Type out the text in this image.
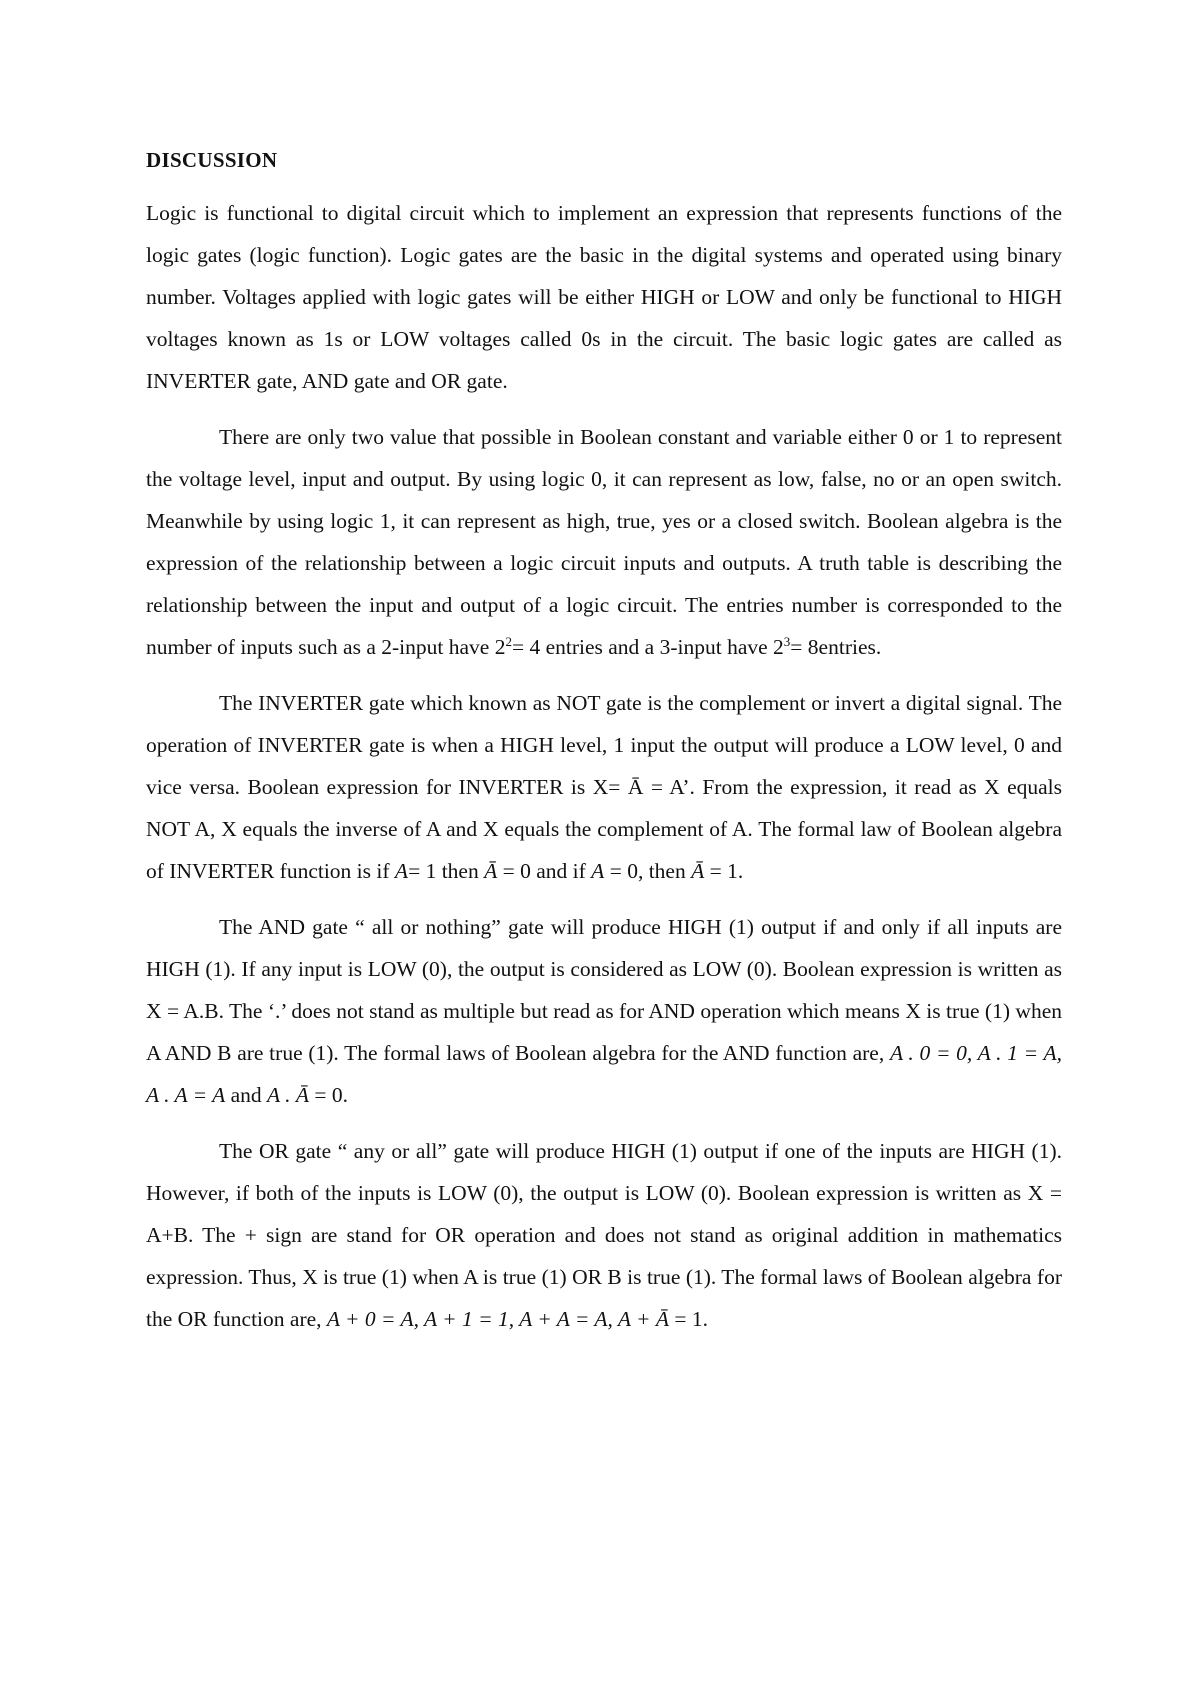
DISCUSSION

Logic is functional to digital circuit which to implement an expression that represents functions of the logic gates (logic function). Logic gates are the basic in the digital systems and operated using binary number. Voltages applied with logic gates will be either HIGH or LOW and only be functional to HIGH voltages known as 1s or LOW voltages called 0s in the circuit. The basic logic gates are called as INVERTER gate, AND gate and OR gate.

There are only two value that possible in Boolean constant and variable either 0 or 1 to represent the voltage level, input and output. By using logic 0, it can represent as low, false, no or an open switch. Meanwhile by using logic 1, it can represent as high, true, yes or a closed switch. Boolean algebra is the expression of the relationship between a logic circuit inputs and outputs. A truth table is describing the relationship between the input and output of a logic circuit. The entries number is corresponded to the number of inputs such as a 2-input have $2^2= 4$ entries and a 3-input have $2^3=$ 8entries.

The INVERTER gate which known as NOT gate is the complement or invert a digital signal. The operation of INVERTER gate is when a HIGH level, 1 input the output will produce a LOW level, 0 and vice versa. Boolean expression for INVERTER is X= Ā = A’. From the expression, it read as X equals NOT A, X equals the inverse of A and X equals the complement of A. The formal law of Boolean algebra of INVERTER function is if A= 1 then Ā = 0 and if A = 0, then Ā = 1.

The AND gate “ all or nothing” gate will produce HIGH (1) output if and only if all inputs are HIGH (1). If any input is LOW (0), the output is considered as LOW (0). Boolean expression is written as X = A.B. The ‘.’ does not stand as multiple but read as for AND operation which means X is true (1) when A AND B are true (1). The formal laws of Boolean algebra for the AND function are, A . 0 = 0, A . 1 = A, A . A = A and A . Ā = 0.

The OR gate “ any or all” gate will produce HIGH (1) output if one of the inputs are HIGH (1). However, if both of the inputs is LOW (0), the output is LOW (0). Boolean expression is written as X = A+B. The + sign are stand for OR operation and does not stand as original addition in mathematics expression. Thus, X is true (1) when A is true (1) OR B is true (1). The formal laws of Boolean algebra for the OR function are, A + 0 = A, A + 1 = 1, A + A = A, A + Ā = 1.
